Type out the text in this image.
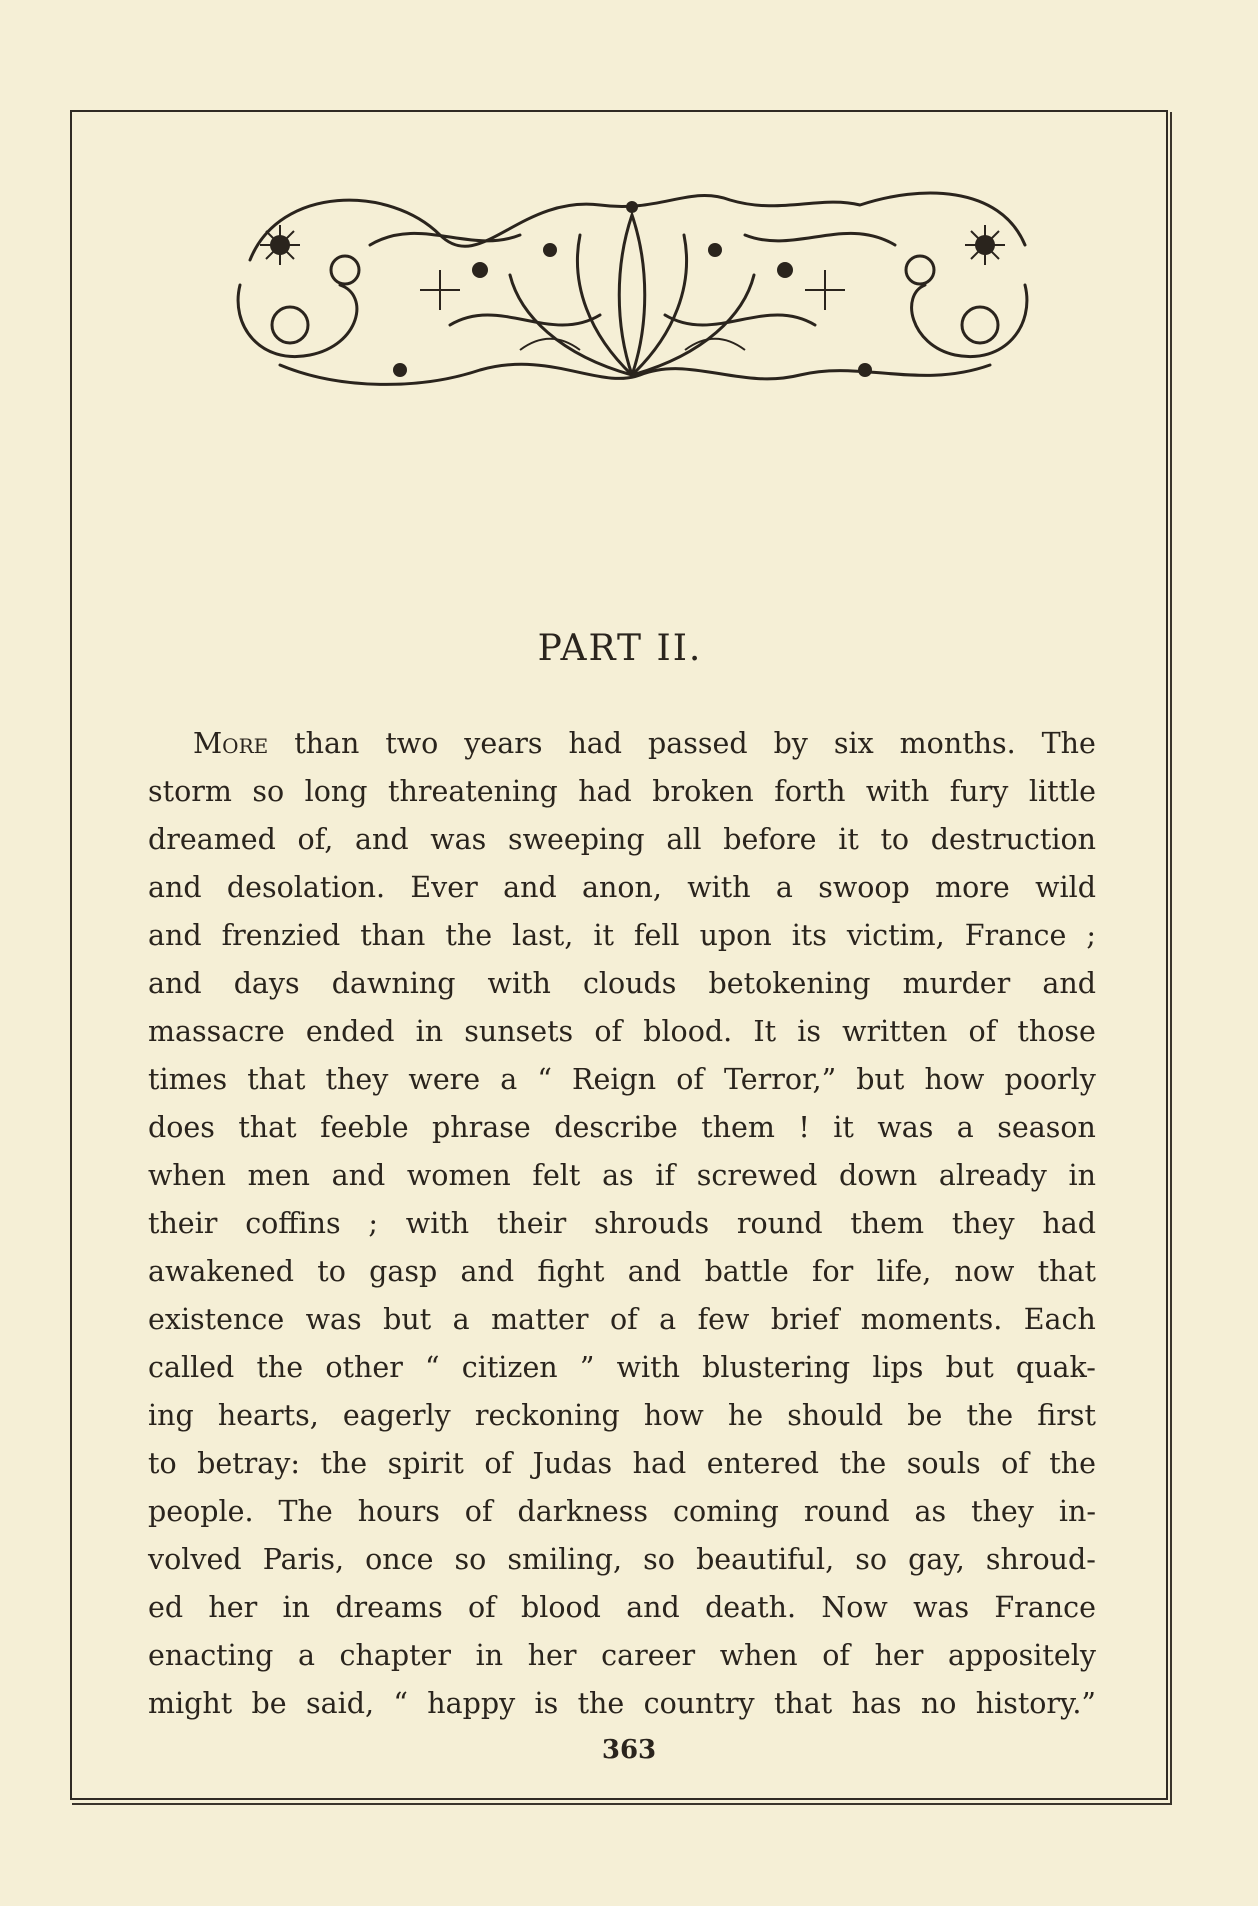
PART II.
More than two years had passed by six months. The
storm so long threatening had broken forth with fury little
dreamed of, and was sweeping all before it to destruction
and desolation. Ever and anon, with a swoop more wild
and frenzied than the last, it fell upon its victim, France ;
and days dawning with clouds betokening murder and
massacre ended in sunsets of blood. It is written of those
times that they were a “ Reign of Terror,” but how poorly
does that feeble phrase describe them ! it was a season
when men and women felt as if screwed down already in
their coffins ; with their shrouds round them they had
awakened to gasp and fight and battle for life, now that
existence was but a matter of a few brief moments. Each
called the other “ citizen ” with blustering lips but quak-
ing hearts, eagerly reckoning how he should be the first
to betray: the spirit of Judas had entered the souls of the
people. The hours of darkness coming round as they in-
volved Paris, once so smiling, so beautiful, so gay, shroud-
ed her in dreams of blood and death. Now was France
enacting a chapter in her career when of her appositely
might be said, “ happy is the country that has no history.”
363
